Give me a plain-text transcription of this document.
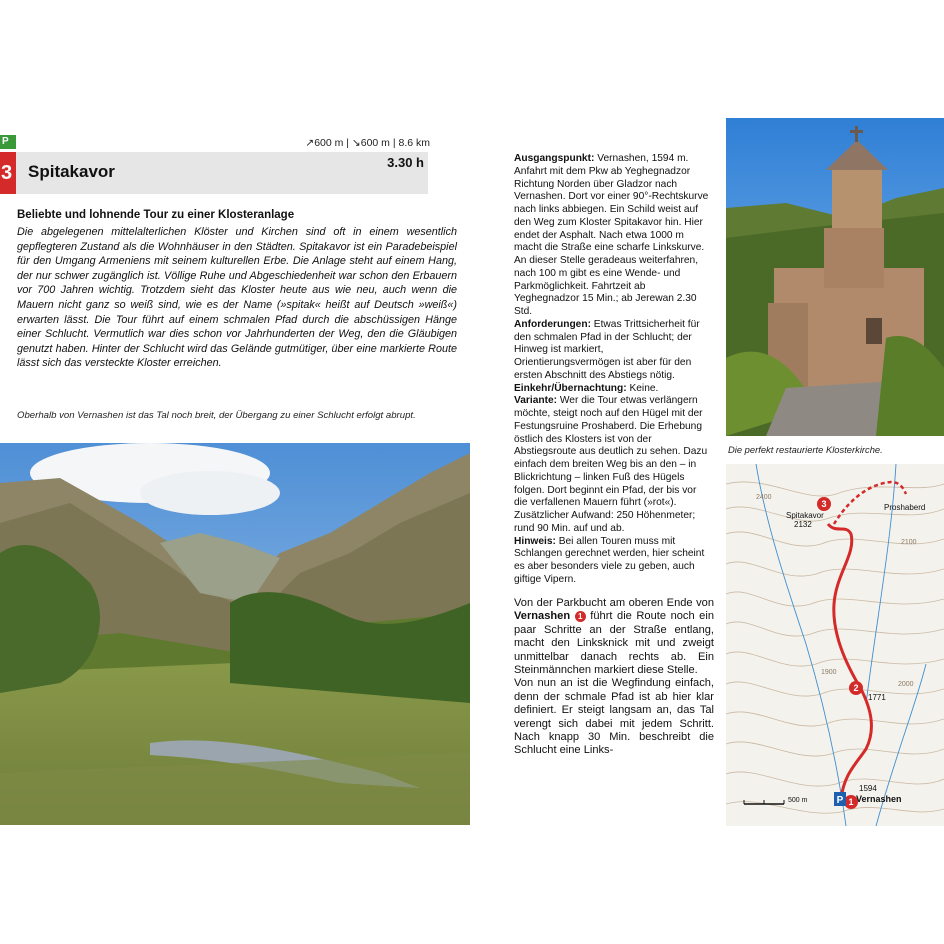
P
3
↗600 m | ↘600 m | 8.6 km
Spitakavor	3.30 h
Beliebte und lohnende Tour zu einer Klosteranlage
Die abgelegenen mittelalterlichen Klöster und Kirchen sind oft in einem wesentlich gepflegteren Zustand als die Wohnhäuser in den Städten. Spitakavor ist ein Paradebeispiel für den Umgang Armeniens mit seinem kulturellen Erbe. Die Anlage steht auf einem Hang, der nur schwer zugänglich ist. Völlige Ruhe und Abgeschiedenheit war schon den Erbauern vor 700 Jahren wichtig. Trotzdem sieht das Kloster heute aus wie neu, auch wenn die Mauern nicht ganz so weiß sind, wie es der Name (»spitak« heißt auf Deutsch »weiß«) erwarten lässt. Die Tour führt auf einem schmalen Pfad durch die abschüssigen Hänge einer Schlucht. Vermutlich war dies schon vor Jahrhunderten der Weg, den die Gläubigen genutzt haben. Hinter der Schlucht wird das Gelände gutmütiger, über eine markierte Route lässt sich das versteckte Kloster erreichen.
Oberhalb von Vernashen ist das Tal noch breit, der Übergang zu einer Schlucht erfolgt abrupt.

Ausgangspunkt: Vernashen, 1594 m. Anfahrt mit dem Pkw ab Yeghegnadzor Richtung Norden über Gladzor nach Vernashen. Dort vor einer 90°-Rechtskurve nach links abbiegen. Ein Schild weist auf den Weg zum Kloster Spitakavor hin. Hier endet der Asphalt. Nach etwa 1000 m macht die Straße eine scharfe Linkskurve. An dieser Stelle geradeaus weiterfahren, nach 100 m gibt es eine Wende- und Parkmöglichkeit. Fahrtzeit ab Yeghegnadzor 15 Min.; ab Jerewan 2.30 Std.

Anforderungen: Etwas Trittsicherheit für den schmalen Pfad in der Schlucht; der Hinweg ist markiert, Orientierungsvermögen ist aber für den ersten Abschnitt des Abstiegs nötig.

Einkehr/Übernachtung: Keine.

Variante: Wer die Tour etwas verlängern möchte, steigt noch auf den Hügel mit der Festungsruine Proshaberd. Die Erhebung östlich des Klosters ist von der Abstiegsroute aus deutlich zu sehen. Dazu einfach dem breiten Weg bis an den – in Blickrichtung – linken Fuß des Hügels folgen. Dort beginnt ein Pfad, der bis vor die verfallenen Mauern führt (»rot«). Zusätzlicher Aufwand: 250 Höhenmeter; rund 90 Min. auf und ab.

Hinweis: Bei allen Touren muss mit Schlangen gerechnet werden, hier scheint es aber besonders viele zu geben, auch giftige Vipern.

Von der Parkbucht am oberen Ende von Vernashen 1 führt die Route noch ein paar Schritte an der Straße entlang, macht den Linksknick mit und zweigt unmittelbar danach rechts ab. Ein Steinmännchen markiert diese Stelle.

Von nun an ist die Wegfindung einfach, denn der schmale Pfad ist ab hier klar definiert. Er steigt langsam an, das Tal verengt sich dabei mit jedem Schritt. Nach knapp 30 Min. beschreibt die Schlucht eine Links-

Die perfekt restaurierte Klosterkirche.
2
3
1
Spitakavor
2132
Proshaberd
1771
1594
Vernashen
2400
2100
1900
2000
P
500 m
